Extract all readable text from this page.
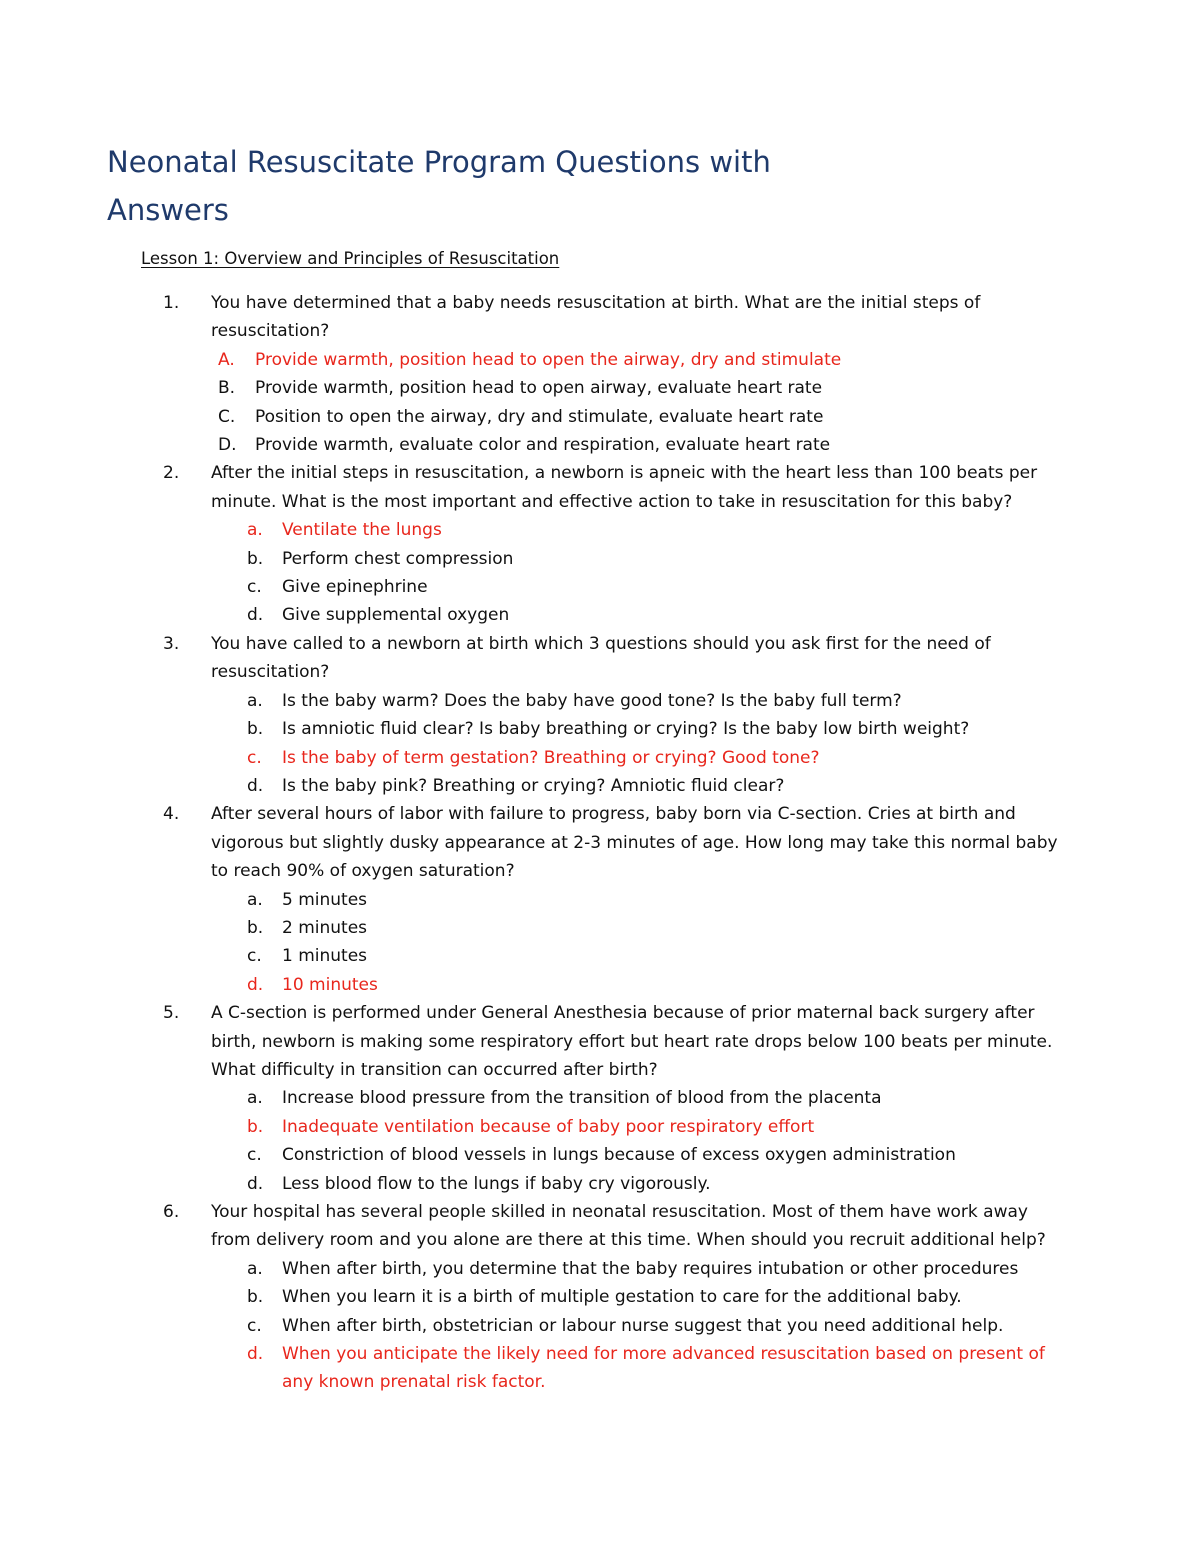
Neonatal Resuscitate Program Questions with
Answers
Lesson 1: Overview and Principles of Resuscitation
1. You have determined that a baby needs resuscitation at birth. What are the initial steps of resuscitation?
A. Provide warmth, position head to open the airway, dry and stimulate
B. Provide warmth, position head to open airway, evaluate heart rate
C. Position to open the airway, dry and stimulate, evaluate heart rate
D. Provide warmth, evaluate color and respiration, evaluate heart rate
2. After the initial steps in resuscitation, a newborn is apneic with the heart less than 100 beats per minute. What is the most important and effective action to take in resuscitation for this baby?
a. Ventilate the lungs
b. Perform chest compression
c. Give epinephrine
d. Give supplemental oxygen
3. You have called to a newborn at birth which 3 questions should you ask first for the need of resuscitation?
a. Is the baby warm? Does the baby have good tone? Is the baby full term?
b. Is amniotic fluid clear? Is baby breathing or crying? Is the baby low birth weight?
c. Is the baby of term gestation? Breathing or crying? Good tone?
d. Is the baby pink? Breathing or crying? Amniotic fluid clear?
4. After several hours of labor with failure to progress, baby born via C-section. Cries at birth and vigorous but slightly dusky appearance at 2-3 minutes of age. How long may take this normal baby to reach 90% of oxygen saturation?
a. 5 minutes
b. 2 minutes
c. 1 minutes
d. 10 minutes
5. A C-section is performed under General Anesthesia because of prior maternal back surgery after birth, newborn is making some respiratory effort but heart rate drops below 100 beats per minute. What difficulty in transition can occurred after birth?
a. Increase blood pressure from the transition of blood from the placenta
b. Inadequate ventilation because of baby poor respiratory effort
c. Constriction of blood vessels in lungs because of excess oxygen administration
d. Less blood flow to the lungs if baby cry vigorously.
6. Your hospital has several people skilled in neonatal resuscitation. Most of them have work away from delivery room and you alone are there at this time. When should you recruit additional help?
a. When after birth, you determine that the baby requires intubation or other procedures
b. When you learn it is a birth of multiple gestation to care for the additional baby.
c. When after birth, obstetrician or labour nurse suggest that you need additional help.
d. When you anticipate the likely need for more advanced resuscitation based on present of any known prenatal risk factor.
